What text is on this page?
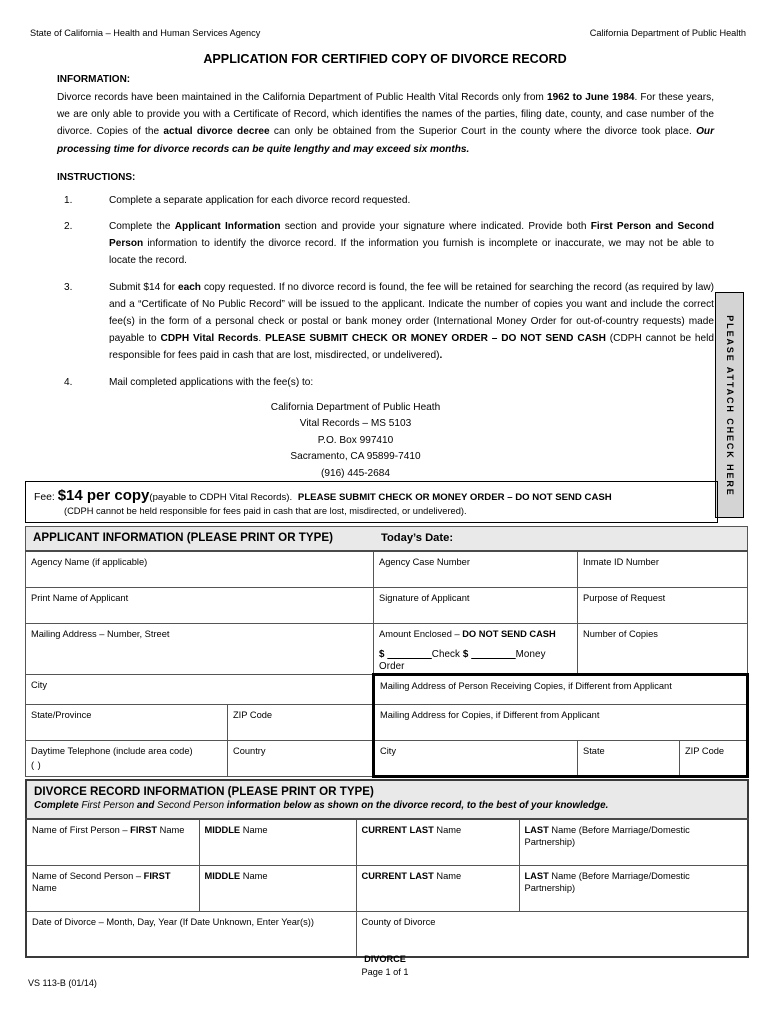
State of California – Health and Human Services Agency	California Department of Public Health
APPLICATION FOR CERTIFIED COPY OF DIVORCE RECORD
INFORMATION:

Divorce records have been maintained in the California Department of Public Health Vital Records only from 1962 to June 1984. For these years, we are only able to provide you with a Certificate of Record, which identifies the names of the parties, filing date, county, and case number of the divorce. Copies of the actual divorce decree can only be obtained from the Superior Court in the county where the divorce took place. Our processing time for divorce records can be quite lengthy and may exceed six months.

INSTRUCTIONS:
1.	Complete a separate application for each divorce record requested.
2.	Complete the Applicant Information section and provide your signature where indicated. Provide both First Person and Second Person information to identify the divorce record. If the information you furnish is incomplete or inaccurate, we may not be able to locate the record.
3.	Submit $14 for each copy requested. If no divorce record is found, the fee will be retained for searching the record (as required by law) and a “Certificate of No Public Record” will be issued to the applicant. Indicate the number of copies you want and include the correct fee(s) in the form of a personal check or postal or bank money order (International Money Order for out-of-country requests) made payable to CDPH Vital Records. PLEASE SUBMIT CHECK OR MONEY ORDER – DO NOT SEND CASH (CDPH cannot be held responsible for fees paid in cash that are lost, misdirected, or undelivered).
4.	Mail completed applications with the fee(s) to:
California Department of Public Heath
Vital Records – MS 5103
P.O. Box 997410
Sacramento, CA 95899-7410
(916) 445-2684	PLEASE ATTACH CHECK HERE
Fee: $14 per copy(payable to CDPH Vital Records). PLEASE SUBMIT CHECK OR MONEY ORDER – DO NOT SEND CASH
(CDPH cannot be held responsible for fees paid in cash that are lost, misdirected, or undelivered).
APPLICANT INFORMATION (PLEASE PRINT OR TYPE) Today’s Date:				
Agency Name (if applicable)		Agency Case Number	Inmate ID Number	
Print Name of Applicant		Signature of Applicant	Purpose of Request	
Mailing Address – Number, Street		Amount Enclosed – DO NOT SEND CASH
$ ________Check $ ________Money Order	Number of Copies	
City		Mailing Address of Person Receiving Copies, if Different from Applicant		
State/Province	ZIP Code	Mailing Address for Copies, if Different from Applicant		
Daytime Telephone (include area code)
( )	Country	City	State	ZIP Code
DIVORCE RECORD INFORMATION (PLEASE PRINT OR TYPE)
Complete First Person and Second Person information below as shown on the divorce record, to the best of your knowledge.			

Name of First Person – FIRST Name	MIDDLE Name	CURRENT LAST Name	LAST Name (Before Marriage/Domestic Partnership)
Name of Second Person – FIRST Name	MIDDLE Name	CURRENT LAST Name	LAST Name (Before Marriage/Domestic Partnership)
Date of Divorce – Month, Day, Year (If Date Unknown, Enter Year(s))		County of Divorce	
DIVORCE
Page 1 of 1
VS 113-B (01/14)
